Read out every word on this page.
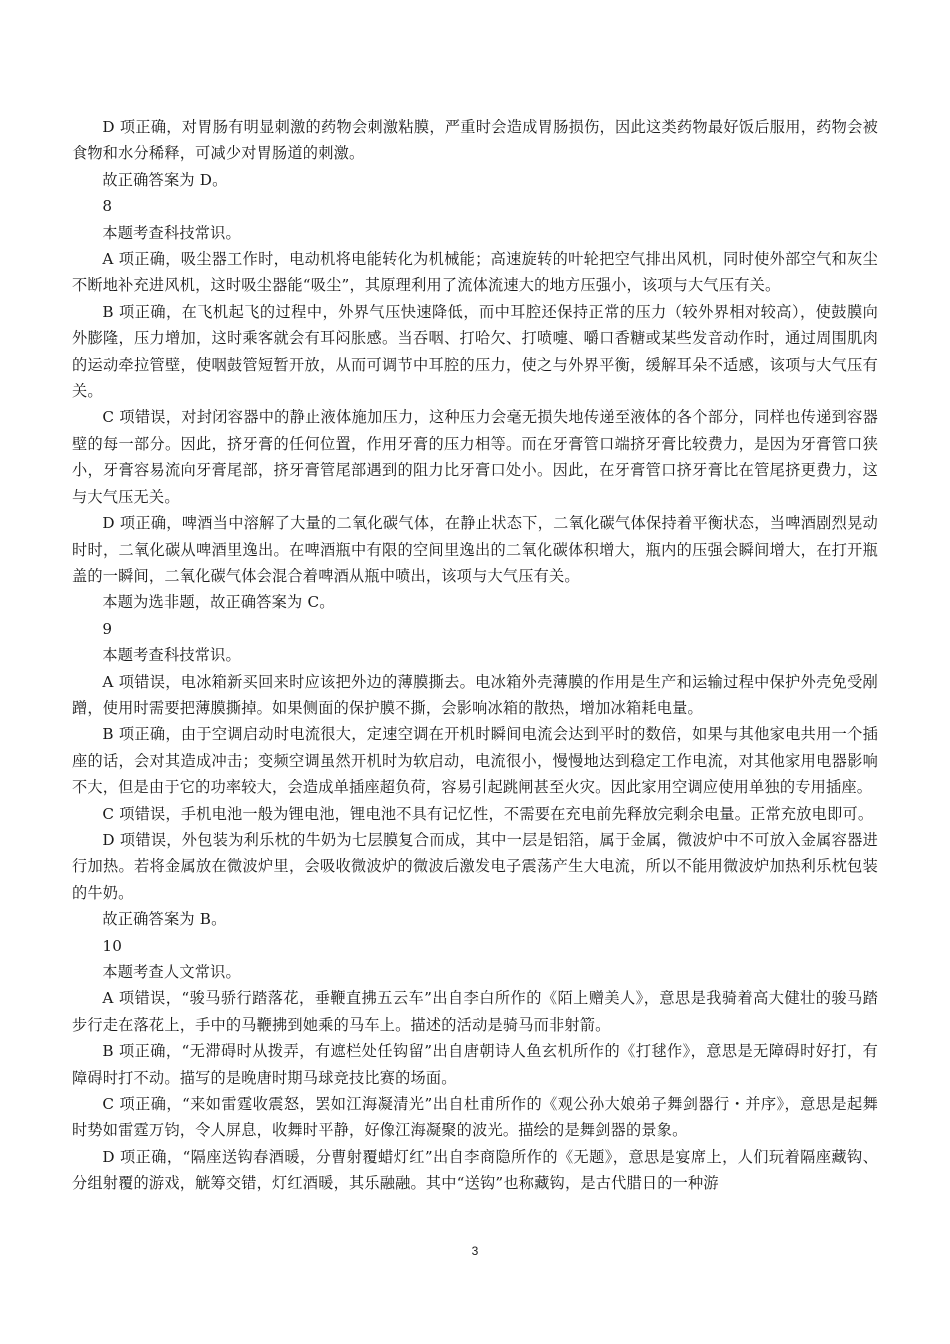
D 项正确，对胃肠有明显刺激的药物会刺激粘膜，严重时会造成胃肠损伤，因此这类药物最好饭后服用，药物会被食物和水分稀释，可减少对胃肠道的刺激。

故正确答案为 D。

8

本题考查科技常识。

A 项正确，吸尘器工作时，电动机将电能转化为机械能；高速旋转的叶轮把空气排出风机，同时使外部空气和灰尘不断地补充进风机，这时吸尘器能“吸尘”，其原理利用了流体流速大的地方压强小，该项与大气压有关。

B 项正确，在飞机起飞的过程中，外界气压快速降低，而中耳腔还保持正常的压力（较外界相对较高），使鼓膜向外膨隆，压力增加，这时乘客就会有耳闷胀感。当吞咽、打哈欠、打喷嚏、嚼口香糖或某些发音动作时，通过周围肌肉的运动牵拉管壁，使咽鼓管短暂开放，从而可调节中耳腔的压力，使之与外界平衡，缓解耳朵不适感，该项与大气压有关。

C 项错误，对封闭容器中的静止液体施加压力，这种压力会毫无损失地传递至液体的各个部分，同样也传递到容器壁的每一部分。因此，挤牙膏的任何位置，作用牙膏的压力相等。而在牙膏管口端挤牙膏比较费力，是因为牙膏管口狭小，牙膏容易流向牙膏尾部，挤牙膏管尾部遇到的阻力比牙膏口处小。因此，在牙膏管口挤牙膏比在管尾挤更费力，这与大气压无关。

D 项正确，啤酒当中溶解了大量的二氧化碳气体，在静止状态下，二氧化碳气体保持着平衡状态，当啤酒剧烈晃动时时，二氧化碳从啤酒里逸出。在啤酒瓶中有限的空间里逸出的二氧化碳体积增大，瓶内的压强会瞬间增大，在打开瓶盖的一瞬间，二氧化碳气体会混合着啤酒从瓶中喷出，该项与大气压有关。

本题为选非题，故正确答案为 C。

9

本题考查科技常识。

A 项错误，电冰箱新买回来时应该把外边的薄膜撕去。电冰箱外壳薄膜的作用是生产和运输过程中保护外壳免受剐蹭，使用时需要把薄膜撕掉。如果侧面的保护膜不撕，会影响冰箱的散热，增加冰箱耗电量。

B 项正确，由于空调启动时电流很大，定速空调在开机时瞬间电流会达到平时的数倍，如果与其他家电共用一个插座的话，会对其造成冲击；变频空调虽然开机时为软启动，电流很小，慢慢地达到稳定工作电流，对其他家用电器影响不大，但是由于它的功率较大，会造成单插座超负荷，容易引起跳闸甚至火灾。因此家用空调应使用单独的专用插座。

C 项错误，手机电池一般为锂电池，锂电池不具有记忆性，不需要在充电前先释放完剩余电量。正常充放电即可。

D 项错误，外包装为利乐枕的牛奶为七层膜复合而成，其中一层是铝箔，属于金属，微波炉中不可放入金属容器进行加热。若将金属放在微波炉里，会吸收微波炉的微波后激发电子震荡产生大电流，所以不能用微波炉加热利乐枕包装的牛奶。

故正确答案为 B。

10

本题考查人文常识。

A 项错误，“骏马骄行踏落花，垂鞭直拂五云车”出自李白所作的《陌上赠美人》，意思是我骑着高大健壮的骏马踏步行走在落花上，手中的马鞭拂到她乘的马车上。描述的活动是骑马而非射箭。

B 项正确，“无滞碍时从拨弄，有遮栏处任钩留”出自唐朝诗人鱼玄机所作的《打毬作》，意思是无障碍时好打，有障碍时打不动。描写的是晚唐时期马球竞技比赛的场面。

C 项正确，“来如雷霆收震怒，罢如江海凝清光”出自杜甫所作的《观公孙大娘弟子舞剑器行・并序》，意思是起舞时势如雷霆万钧，令人屏息，收舞时平静，好像江海凝聚的波光。描绘的是舞剑器的景象。

D 项正确，“隔座送钩春酒暖，分曹射覆蜡灯红”出自李商隐所作的《无题》，意思是宴席上，人们玩着隔座藏钩、分组射覆的游戏，觥筹交错，灯红酒暖，其乐融融。其中“送钩”也称藏钩，是古代腊日的一种游

3
